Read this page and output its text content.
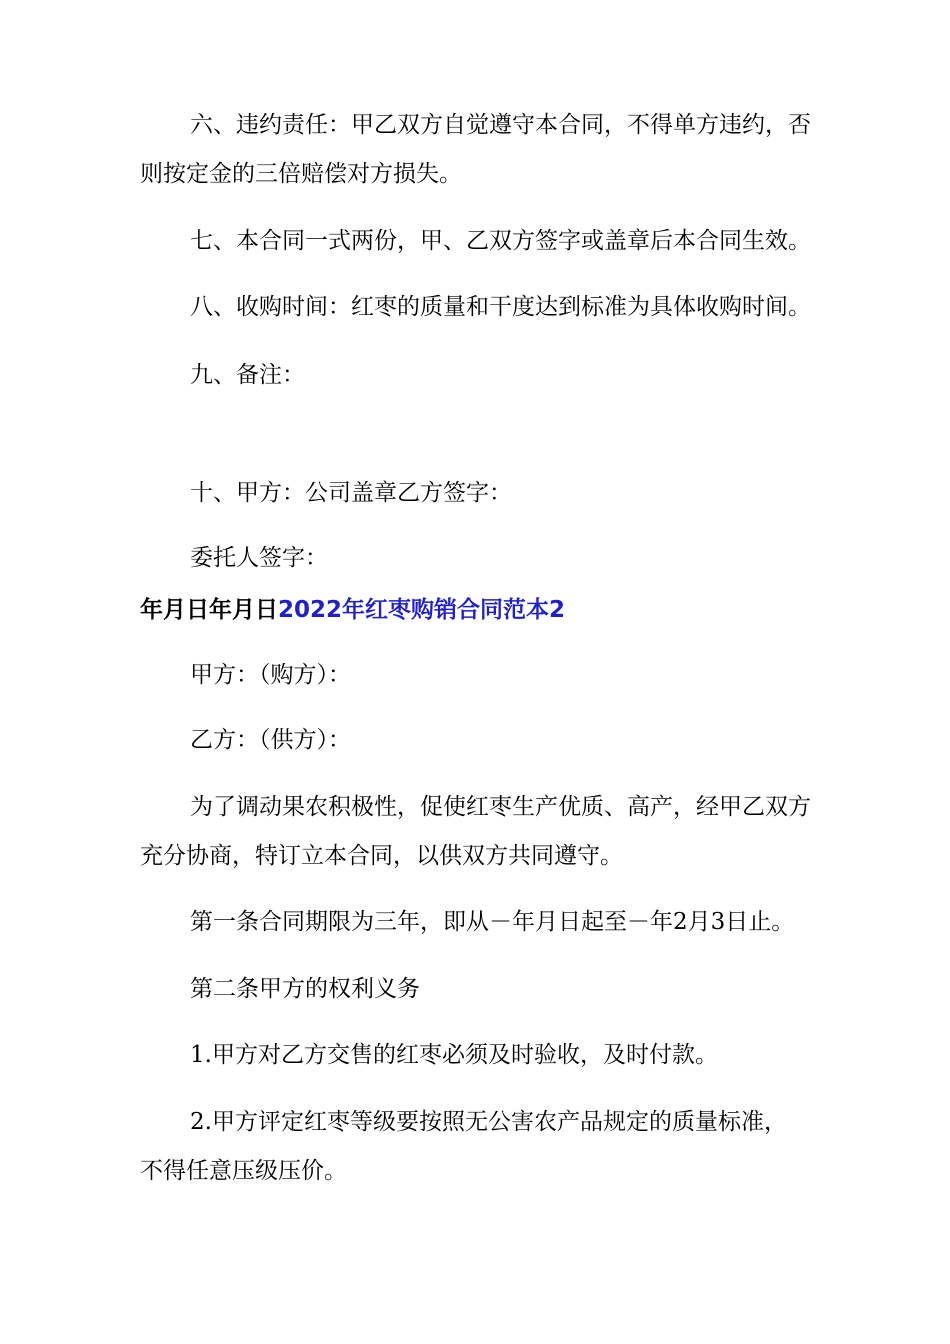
六、违约责任：甲乙双方自觉遵守本合同，不得单方违约，否
则按定金的三倍赔偿对方损失。
七、本合同一式两份，甲、乙双方签字或盖章后本合同生效。
八、收购时间：红枣的质量和干度达到标准为具体收购时间。
九、备注：
十、甲方：公司盖章乙方签字：
委托人签字：
年月日年月日2022年红枣购销合同范本2
甲方：（购方）：
乙方：（供方）：
为了调动果农积极性，促使红枣生产优质、高产，经甲乙双方
充分协商，特订立本合同，以供双方共同遵守。
第一条合同期限为三年，即从－年月日起至－年2月3日止。
第二条甲方的权利义务
1.甲方对乙方交售的红枣必须及时验收，及时付款。
2.甲方评定红枣等级要按照无公害农产品规定的质量标准，
不得任意压级压价。
